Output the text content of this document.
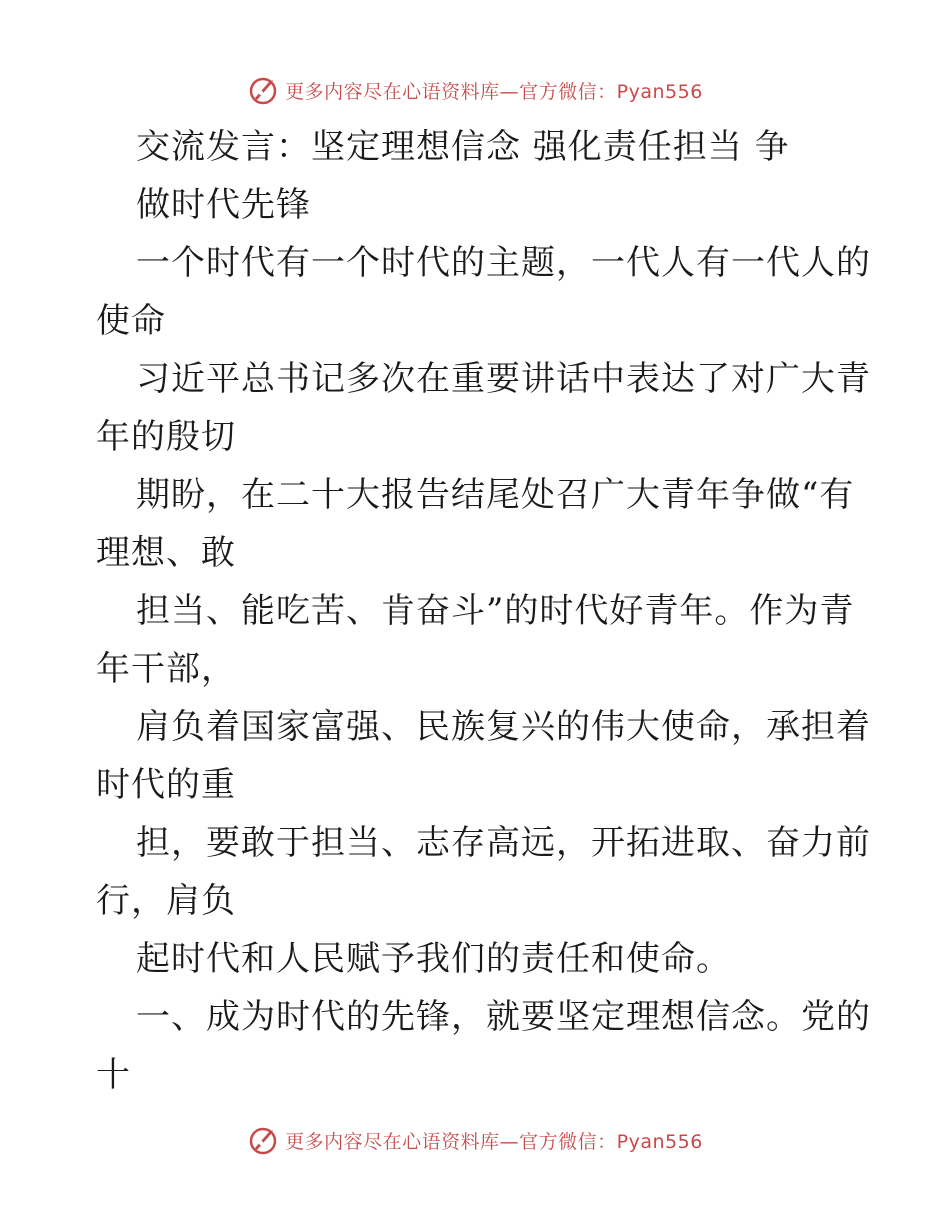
更多内容尽在心语资料库—官方微信：Pyan556
交流发言：坚定理想信念 强化责任担当 争
做时代先锋
一个时代有一个时代的主题，一代人有一代人的
使命
习近平总书记多次在重要讲话中表达了对广大青
年的殷切
期盼，在二十大报告结尾处召广大青年争做“有
理想、敢
担当、能吃苦、肯奋斗”的时代好青年。作为青
年干部，
肩负着国家富强、民族复兴的伟大使命，承担着
时代的重
担，要敢于担当、志存高远，开拓进取、奋力前
行，肩负
起时代和人民赋予我们的责任和使命。
一、成为时代的先锋，就要坚定理想信念。党的
十
更多内容尽在心语资料库—官方微信：Pyan556
